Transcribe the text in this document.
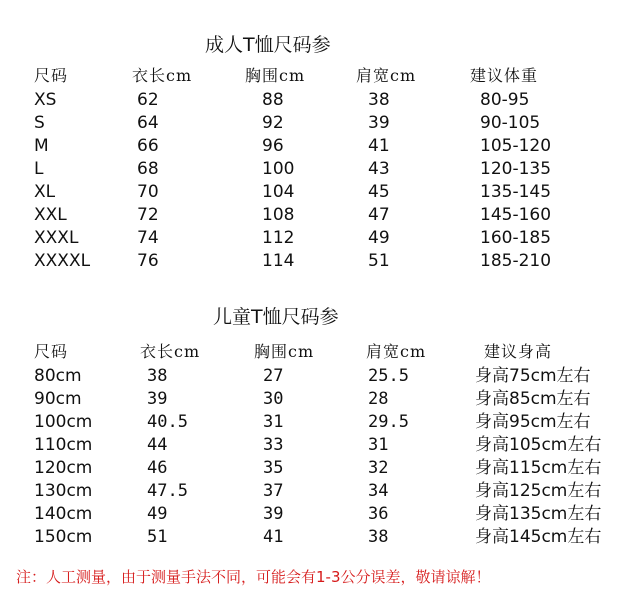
成人T恤尺码参
尺码	衣长cm	胸围cm	肩宽cm	建议体重
XS	62	88	38	80-95
S	64	92	39	90-105
M	66	96	41	105-120
L	68	100	43	120-135
XL	70	104	45	135-145
XXL	72	108	47	145-160
XXXL	74	112	49	160-185
XXXXL	76	114	51	185-210
儿童T恤尺码参
尺码	衣长cm	胸围cm	肩宽cm	建议身高
80cm	38	27	25.5	身高75cm左右
90cm	39	30	28	身高85cm左右
100cm	40.5	31	29.5	身高95cm左右
110cm	44	33	31	身高105cm左右
120cm	46	35	32	身高115cm左右
130cm	47.5	37	34	身高125cm左右
140cm	49	39	36	身高135cm左右
150cm	51	41	38	身高145cm左右
注：人工测量，由于测量手法不同，可能会有1-3公分误差，敬请谅解！
